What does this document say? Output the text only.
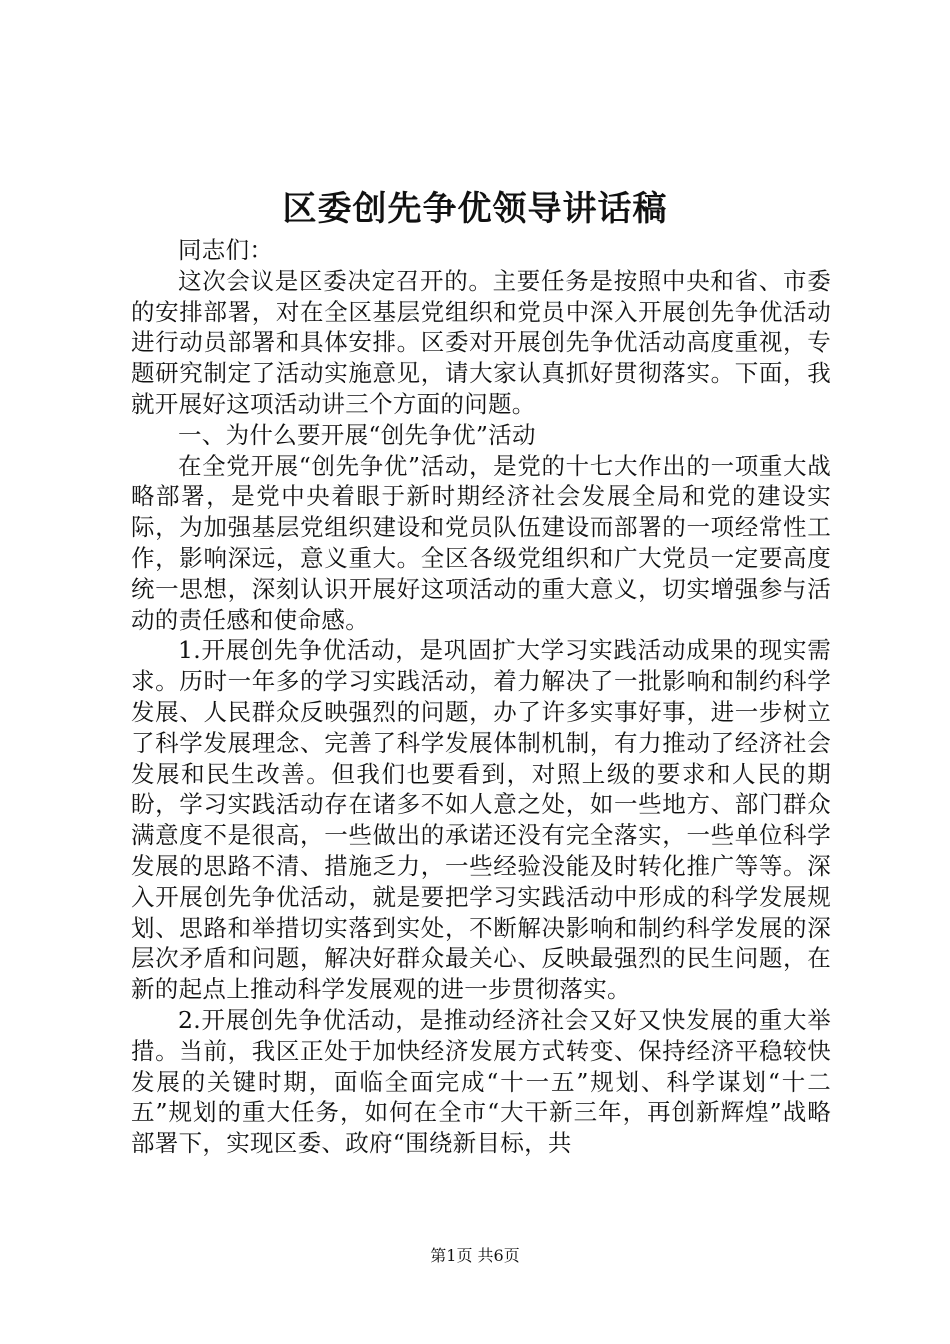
区委创先争优领导讲话稿

同志们：

这次会议是区委决定召开的。主要任务是按照中央和省、市委的安排部署，对在全区基层党组织和党员中深入开展创先争优活动进行动员部署和具体安排。区委对开展创先争优活动高度重视，专题研究制定了活动实施意见，请大家认真抓好贯彻落实。下面，我就开展好这项活动讲三个方面的问题。

一、为什么要开展“创先争优”活动

在全党开展“创先争优”活动，是党的十七大作出的一项重大战略部署，是党中央着眼于新时期经济社会发展全局和党的建设实际，为加强基层党组织建设和党员队伍建设而部署的一项经常性工作，影响深远，意义重大。全区各级党组织和广大党员一定要高度统一思想，深刻认识开展好这项活动的重大意义，切实增强参与活动的责任感和使命感。

1.开展创先争优活动，是巩固扩大学习实践活动成果的现实需求。历时一年多的学习实践活动，着力解决了一批影响和制约科学发展、人民群众反映强烈的问题，办了许多实事好事，进一步树立了科学发展理念、完善了科学发展体制机制，有力推动了经济社会发展和民生改善。但我们也要看到，对照上级的要求和人民的期盼，学习实践活动存在诸多不如人意之处，如一些地方、部门群众满意度不是很高，一些做出的承诺还没有完全落实，一些单位科学发展的思路不清、措施乏力，一些经验没能及时转化推广等等。深入开展创先争优活动，就是要把学习实践活动中形成的科学发展规划、思路和举措切实落到实处，不断解决影响和制约科学发展的深层次矛盾和问题，解决好群众最关心、反映最强烈的民生问题，在新的起点上推动科学发展观的进一步贯彻落实。

2.开展创先争优活动，是推动经济社会又好又快发展的重大举措。当前，我区正处于加快经济发展方式转变、保持经济平稳较快发展的关键时期，面临全面完成“十一五”规划、科学谋划“十二五”规划的重大任务，如何在全市“大干新三年，再创新辉煌”战略部署下，实现区委、政府“围绕新目标，共

第1页 共6页
